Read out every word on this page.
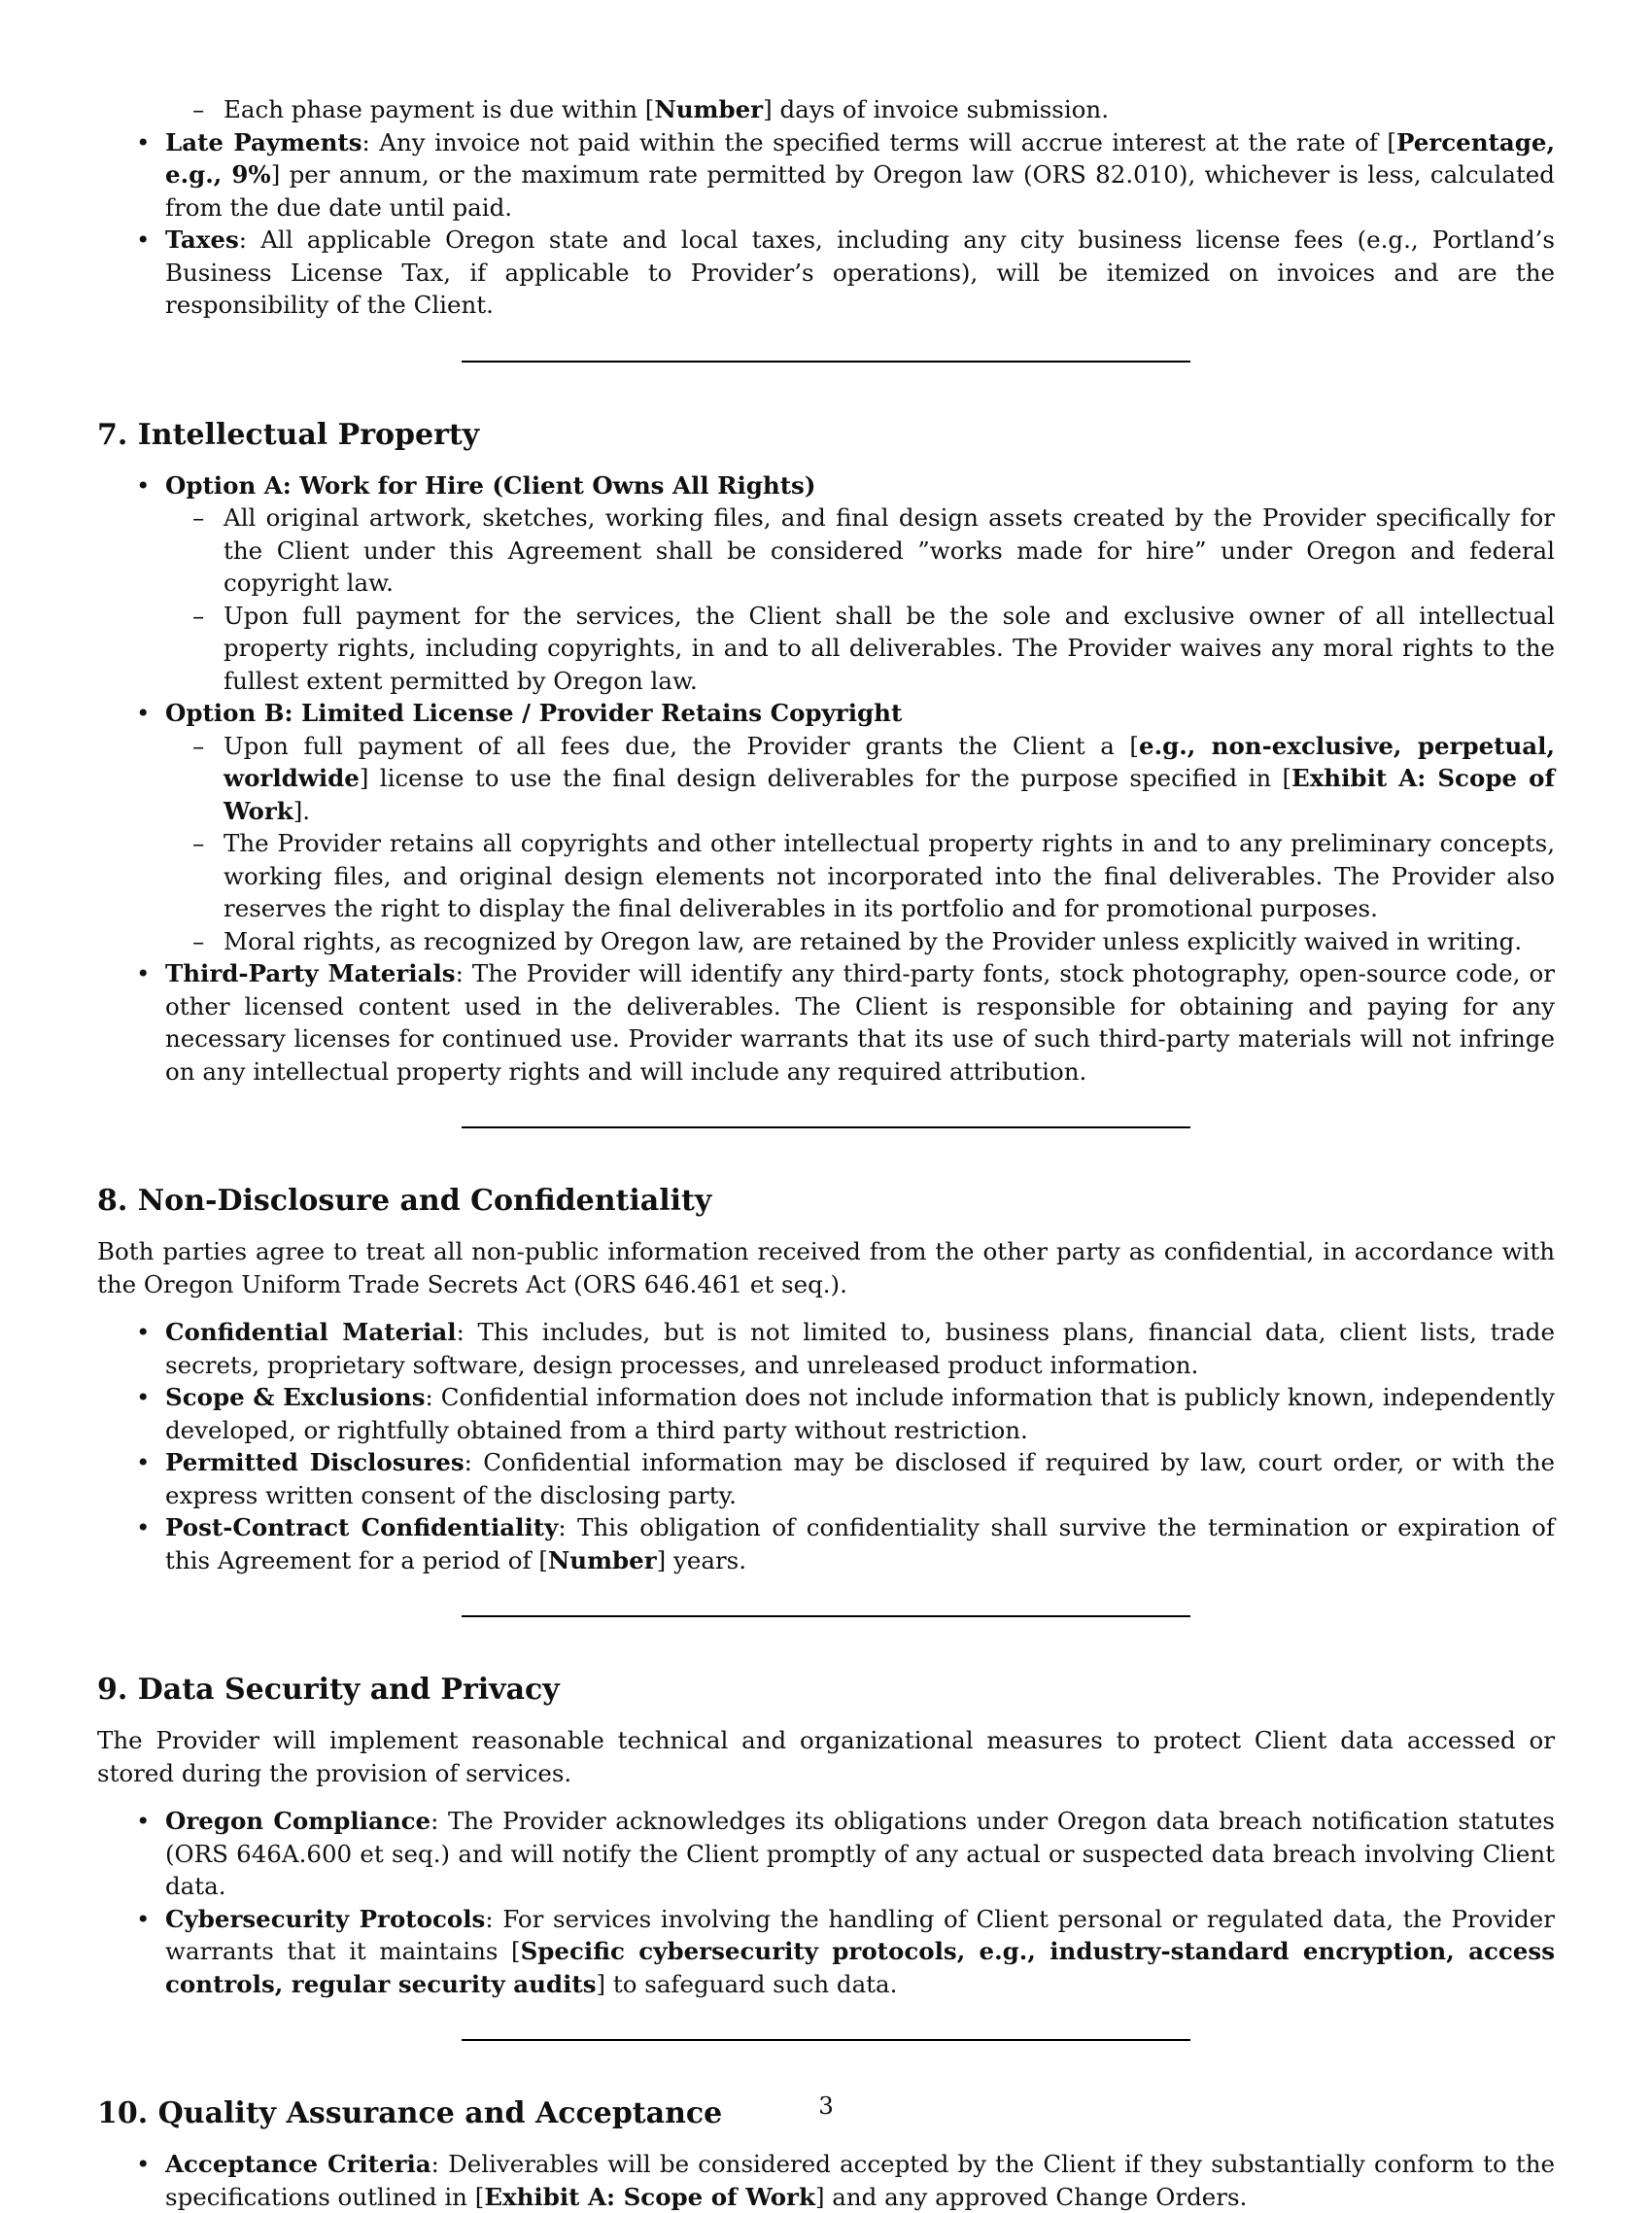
– Each phase payment is due within [Number] days of invoice submission.
• Late Payments: Any invoice not paid within the specified terms will accrue interest at the rate of [Percentage, e.g., 9%] per annum, or the maximum rate permitted by Oregon law (ORS 82.010), whichever is less, calculated from the due date until paid.
• Taxes: All applicable Oregon state and local taxes, including any city business license fees (e.g., Portland’s Business License Tax, if applicable to Provider’s operations), will be itemized on invoices and are the responsibility of the Client.
7. Intellectual Property
• Option A: Work for Hire (Client Owns All Rights)
– All original artwork, sketches, working files, and final design assets created by the Provider specifically for the Client under this Agreement shall be considered ”works made for hire” under Oregon and federal copyright law.
– Upon full payment for the services, the Client shall be the sole and exclusive owner of all intellectual property rights, including copyrights, in and to all deliverables. The Provider waives any moral rights to the fullest extent permitted by Oregon law.
• Option B: Limited License / Provider Retains Copyright
– Upon full payment of all fees due, the Provider grants the Client a [e.g., non-exclusive, perpetual, worldwide] license to use the final design deliverables for the purpose specified in [Exhibit A: Scope of Work].
– The Provider retains all copyrights and other intellectual property rights in and to any preliminary concepts, working files, and original design elements not incorporated into the final deliverables. The Provider also reserves the right to display the final deliverables in its portfolio and for promotional purposes.
– Moral rights, as recognized by Oregon law, are retained by the Provider unless explicitly waived in writing.
• Third-Party Materials: The Provider will identify any third-party fonts, stock photography, open-source code, or other licensed content used in the deliverables. The Client is responsible for obtaining and paying for any necessary licenses for continued use. Provider warrants that its use of such third-party materials will not infringe on any intellectual property rights and will include any required attribution.
8. Non-Disclosure and Confidentiality

Both parties agree to treat all non-public information received from the other party as confidential, in accordance with the Oregon Uniform Trade Secrets Act (ORS 646.461 et seq.).

• Confidential Material: This includes, but is not limited to, business plans, financial data, client lists, trade secrets, proprietary software, design processes, and unreleased product information.
• Scope & Exclusions: Confidential information does not include information that is publicly known, independently developed, or rightfully obtained from a third party without restriction.
• Permitted Disclosures: Confidential information may be disclosed if required by law, court order, or with the express written consent of the disclosing party.
• Post-Contract Confidentiality: This obligation of confidentiality shall survive the termination or expiration of this Agreement for a period of [Number] years.
9. Data Security and Privacy

The Provider will implement reasonable technical and organizational measures to protect Client data accessed or stored during the provision of services.

• Oregon Compliance: The Provider acknowledges its obligations under Oregon data breach notification statutes (ORS 646A.600 et seq.) and will notify the Client promptly of any actual or suspected data breach involving Client data.
• Cybersecurity Protocols: For services involving the handling of Client personal or regulated data, the Provider warrants that it maintains [Specific cybersecurity protocols, e.g., industry-standard encryption, access controls, regular security audits] to safeguard such data.
10. Quality Assurance and Acceptance
• Acceptance Criteria: Deliverables will be considered accepted by the Client if they substantially conform to the specifications outlined in [Exhibit A: Scope of Work] and any approved Change Orders.
3
